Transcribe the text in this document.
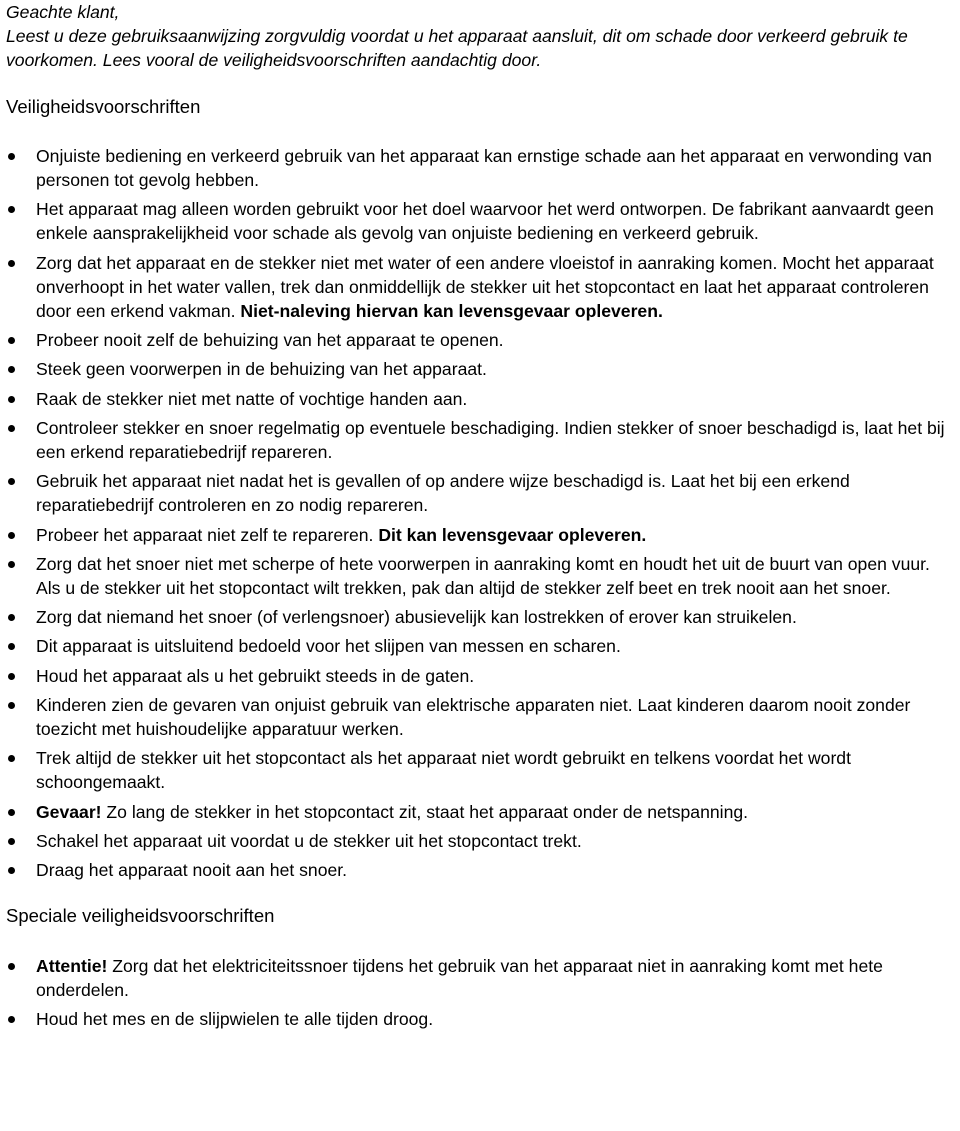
Geachte klant,

Leest u deze gebruiksaanwijzing zorgvuldig voordat u het apparaat aansluit, dit om schade door verkeerd gebruik te voorkomen. Lees vooral de veiligheidsvoorschriften aandachtig door.

Veiligheidsvoorschriften
Onjuiste bediening en verkeerd gebruik van het apparaat kan ernstige schade aan het apparaat en verwonding van personen tot gevolg hebben.
Het apparaat mag alleen worden gebruikt voor het doel waarvoor het werd ontworpen. De fabrikant aanvaardt geen enkele aansprakelijkheid voor schade als gevolg van onjuiste bediening en verkeerd gebruik.
Zorg dat het apparaat en de stekker niet met water of een andere vloeistof in aanraking komen. Mocht het apparaat onverhoopt in het water vallen, trek dan onmiddellijk de stekker uit het stopcontact en laat het apparaat controleren door een erkend vakman. Niet-naleving hiervan kan levensgevaar opleveren.
Probeer nooit zelf de behuizing van het apparaat te openen.
Steek geen voorwerpen in de behuizing van het apparaat.
Raak de stekker niet met natte of vochtige handen aan.
Controleer stekker en snoer regelmatig op eventuele beschadiging. Indien stekker of snoer beschadigd is, laat het bij een erkend reparatiebedrijf repareren.
Gebruik het apparaat niet nadat het is gevallen of op andere wijze beschadigd is. Laat het bij een erkend reparatiebedrijf controleren en zo nodig repareren.
Probeer het apparaat niet zelf te repareren. Dit kan levensgevaar opleveren.
Zorg dat het snoer niet met scherpe of hete voorwerpen in aanraking komt en houdt het uit de buurt van open vuur. Als u de stekker uit het stopcontact wilt trekken, pak dan altijd de stekker zelf beet en trek nooit aan het snoer.
Zorg dat niemand het snoer (of verlengsnoer) abusievelijk kan lostrekken of erover kan struikelen.
Dit apparaat is uitsluitend bedoeld voor het slijpen van messen en scharen.
Houd het apparaat als u het gebruikt steeds in de gaten.
Kinderen zien de gevaren van onjuist gebruik van elektrische apparaten niet. Laat kinderen daarom nooit zonder toezicht met huishoudelijke apparatuur werken.
Trek altijd de stekker uit het stopcontact als het apparaat niet wordt gebruikt en telkens voordat het wordt schoongemaakt.
Gevaar! Zo lang de stekker in het stopcontact zit, staat het apparaat onder de netspanning.
Schakel het apparaat uit voordat u de stekker uit het stopcontact trekt.
Draag het apparaat nooit aan het snoer.
Speciale veiligheidsvoorschriften
Attentie! Zorg dat het elektriciteitssnoer tijdens het gebruik van het apparaat niet in aanraking komt met hete onderdelen.
Houd het mes en de slijpwielen te alle tijden droog.
